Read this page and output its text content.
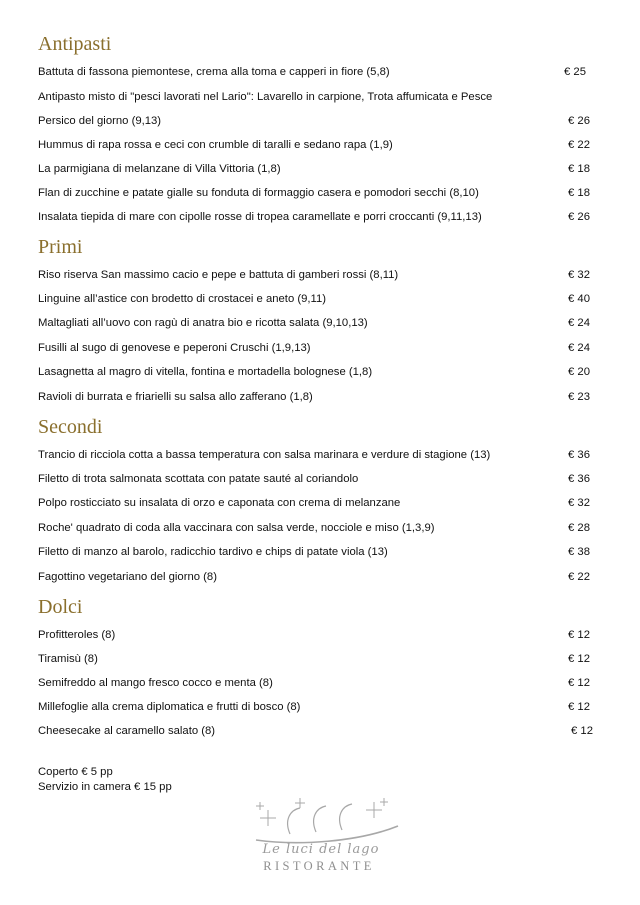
Antipasti
Primi
Secondi
Dolci
Battuta di fassona piemontese, crema alla toma e capperi in fiore (5,8)	€ 25
Antipasto misto di "pesci lavorati nel Lario": Lavarello in carpione, Trota affumicata e Pesce
Persico del giorno (9,13)	€ 26
Hummus di rapa rossa e ceci con crumble di taralli e sedano rapa (1,9)	€ 22
La parmigiana di melanzane di Villa Vittoria (1,8)	€ 18
Flan di zucchine e patate gialle su fonduta di formaggio casera e pomodori secchi (8,10)	€ 18
Insalata tiepida di mare con cipolle rosse di tropea caramellate e porri croccanti (9,11,13)	€ 26
Riso riserva San massimo cacio e pepe e battuta di gamberi rossi (8,11)	€ 32
Linguine all’astice con brodetto di crostacei e aneto (9,11)	€ 40
Maltagliati all’uovo con ragù di anatra bio e ricotta salata (9,10,13)	€ 24
Fusilli al sugo di genovese e peperoni Cruschi (1,9,13)	€ 24
Lasagnetta al magro di vitella, fontina e mortadella bolognese (1,8)	€ 20
Ravioli di burrata e friarielli su salsa allo zafferano (1,8)	€ 23
Trancio di ricciola cotta a bassa temperatura con salsa marinara e verdure di stagione (13)	€ 36
Filetto di trota salmonata scottata con patate sauté al coriandolo	€ 36
Polpo rosticciato su insalata di orzo e caponata con crema di melanzane	€ 32
Roche' quadrato di coda alla vaccinara con salsa verde, nocciole e miso (1,3,9)	€ 28
Filetto di manzo al barolo, radicchio tardivo e chips di patate viola (13)	€ 38
Fagottino vegetariano del giorno (8)	€ 22
Profitteroles (8)	€ 12
Tiramisù (8)	€ 12
Semifreddo al mango fresco cocco e menta (8)	€ 12
Millefoglie alla crema diplomatica e frutti di bosco (8)	€ 12
Cheesecake al caramello salato (8)	€ 12
Coperto € 5 pp
Servizio in camera € 15 pp
Le luci del lago
RISTORANTE
